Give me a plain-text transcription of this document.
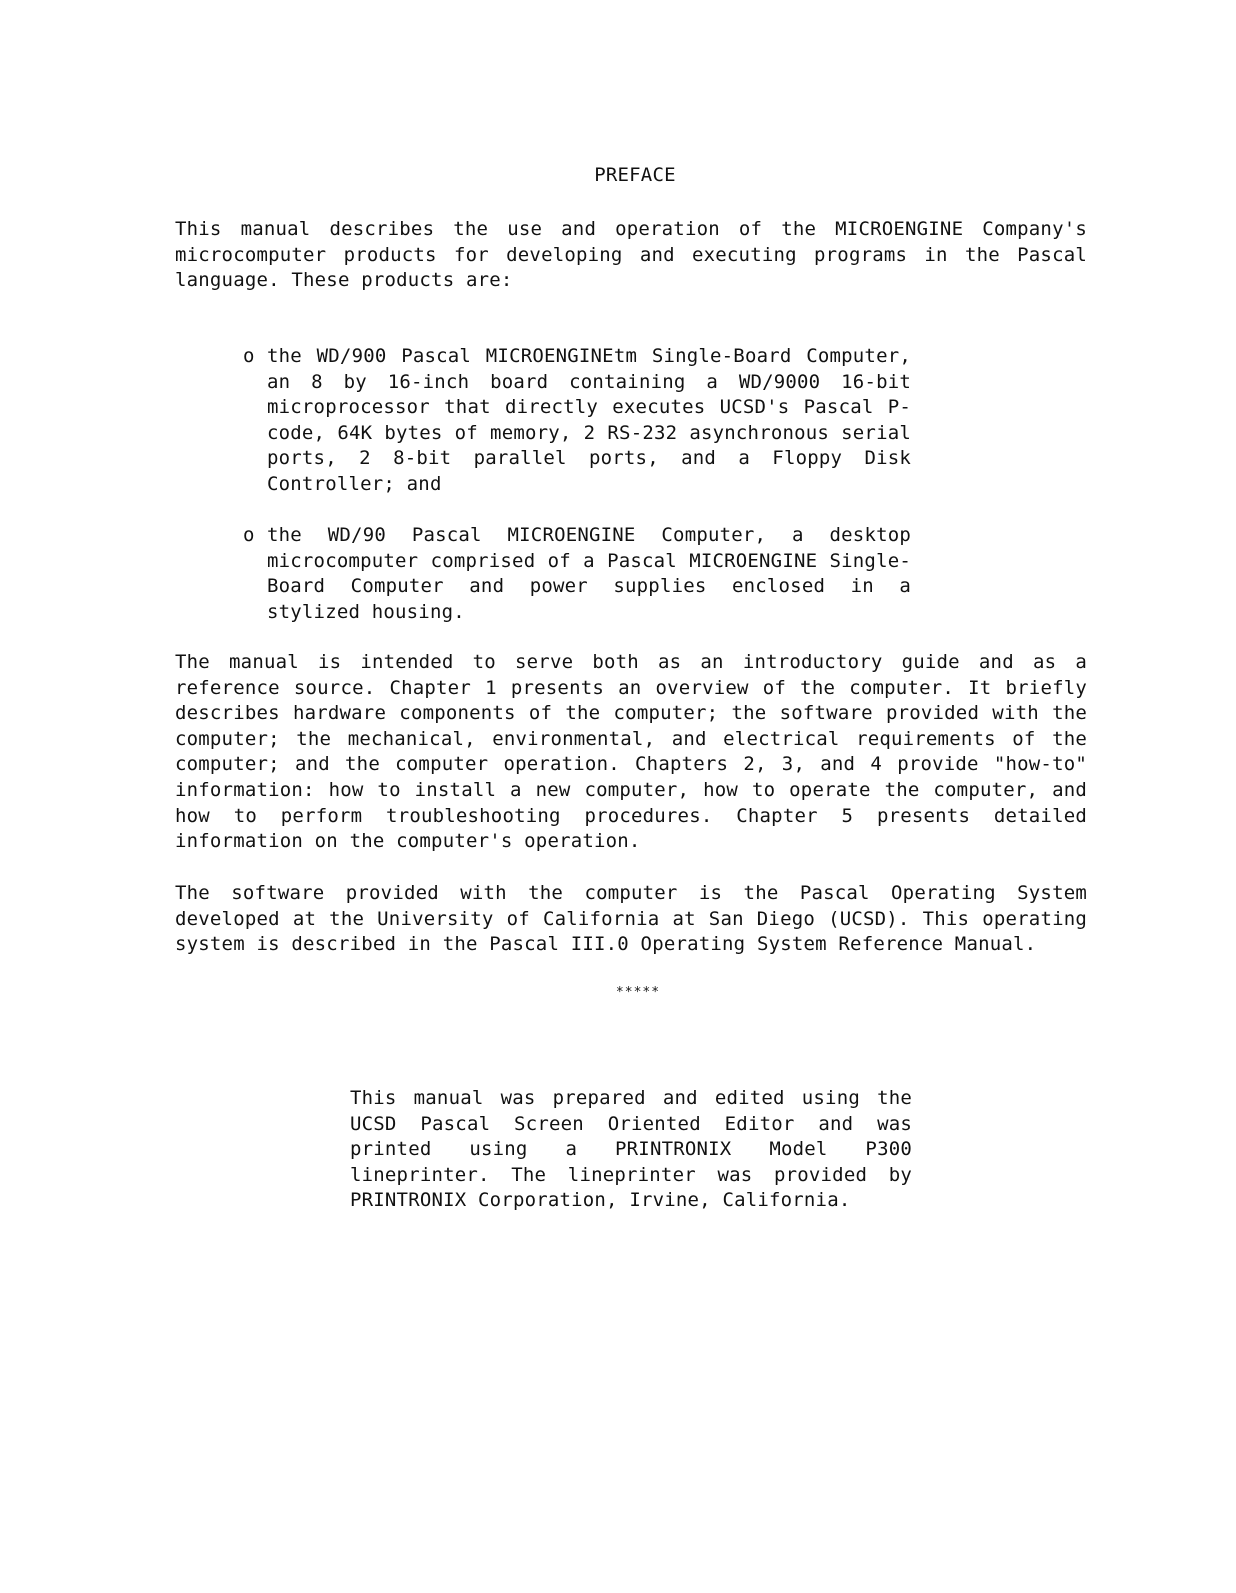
PREFACE
This manual describes the use and operation of the MICROENGINE Company's microcomputer products for developing and executing programs in the Pascal language. These products are:
o the WD/900 Pascal MICROENGINEtm Single-Board Computer, an 8 by 16-inch board containing a WD/9000 16-bit microprocessor that directly executes UCSD's Pascal P-code, 64K bytes of memory, 2 RS-232 asynchronous serial ports, 2 8-bit parallel ports, and a Floppy Disk Controller; and
o the WD/90 Pascal MICROENGINE Computer, a desktop microcomputer comprised of a Pascal MICROENGINE Single-Board Computer and power supplies enclosed in a stylized housing.
The manual is intended to serve both as an introductory guide and as a reference source. Chapter 1 presents an overview of the computer. It briefly describes hardware components of the computer; the software provided with the computer; the mechanical, environmental, and electrical requirements of the computer; and the computer operation. Chapters 2, 3, and 4 provide "how-to" information: how to install a new computer, how to operate the computer, and how to perform troubleshooting procedures. Chapter 5 presents detailed information on the computer's operation.
The software provided with the computer is the Pascal Operating System developed at the University of California at San Diego (UCSD). This operating system is described in the Pascal III.0 Operating System Reference Manual.
*****
This manual was prepared and edited using the UCSD Pascal Screen Oriented Editor and was printed using a PRINTRONIX Model P300 lineprinter. The lineprinter was provided by PRINTRONIX Corporation, Irvine, California.
